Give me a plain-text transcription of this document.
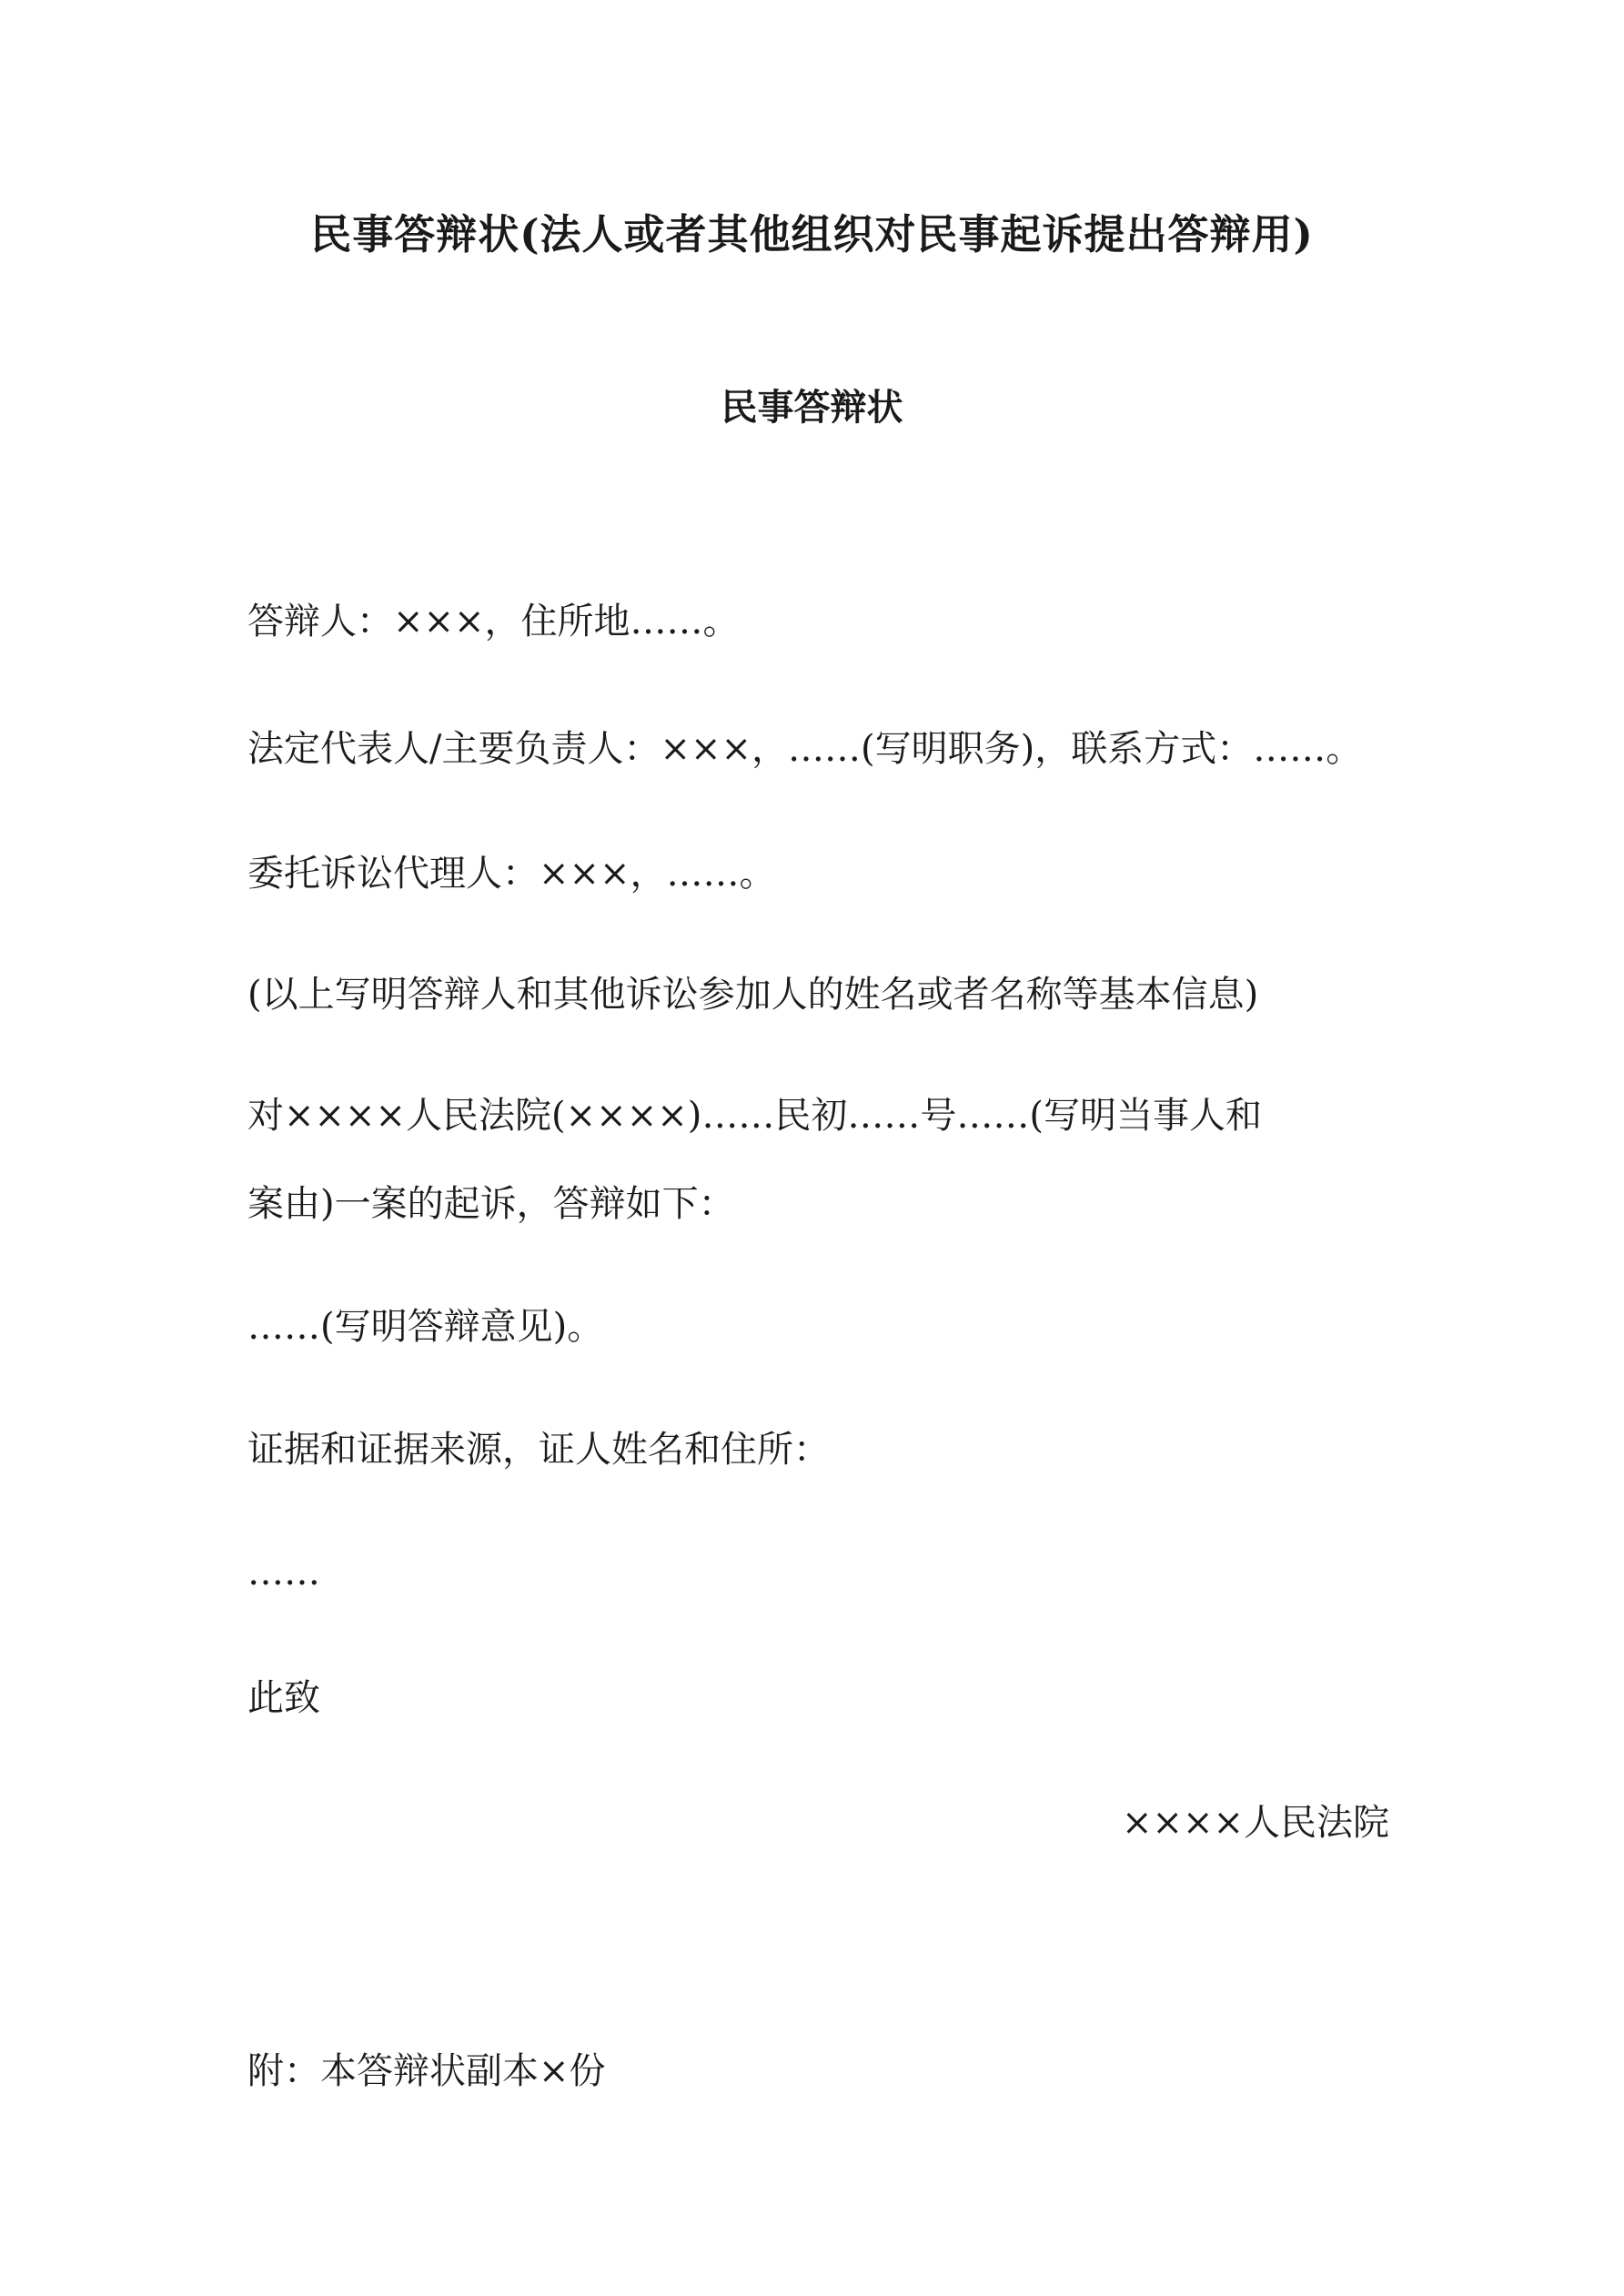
民事答辩状(法人或者其他组织对民事起诉提出答辩用)
民事答辩状

答辩人：×××，住所地……。

法定代表人/主要负责人：×××，……(写明职务)，联系方式：……。

委托诉讼代理人：×××，……。

(以上写明答辩人和其他诉讼参加人的姓名或者名称等基本信息)

对××××人民法院(××××)……民初……号……(写明当事人和

案由)一案的起诉，答辩如下：

……(写明答辩意见)。

证据和证据来源，证人姓名和住所：

……

此致

××××人民法院

附：本答辩状副本×份
